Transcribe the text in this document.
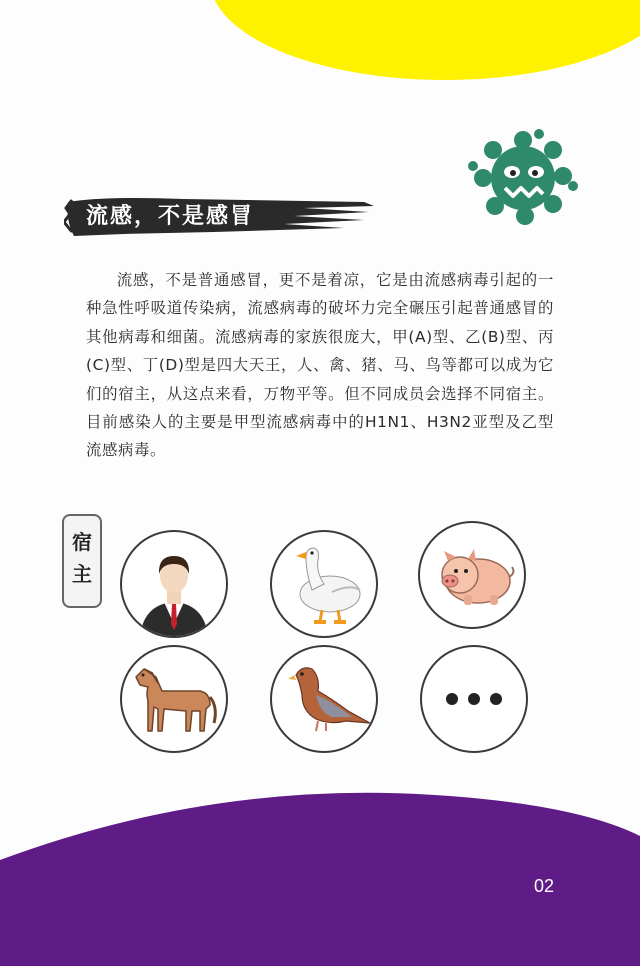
流感，不是感冒

流感，不是普通感冒，更不是着凉，它是由流感病毒引起的一种急性呼吸道传染病，流感病毒的破坏力完全碾压引起普通感冒的其他病毒和细菌。流感病毒的家族很庞大，甲(A)型、乙(B)型、丙(C)型、丁(D)型是四大天王，人、禽、猪、马、鸟等都可以成为它们的宿主，从这点来看，万物平等。但不同成员会选择不同宿主。目前感染人的主要是甲型流感病毒中的H1N1、H3N2亚型及乙型流感病毒。

宿主
02
